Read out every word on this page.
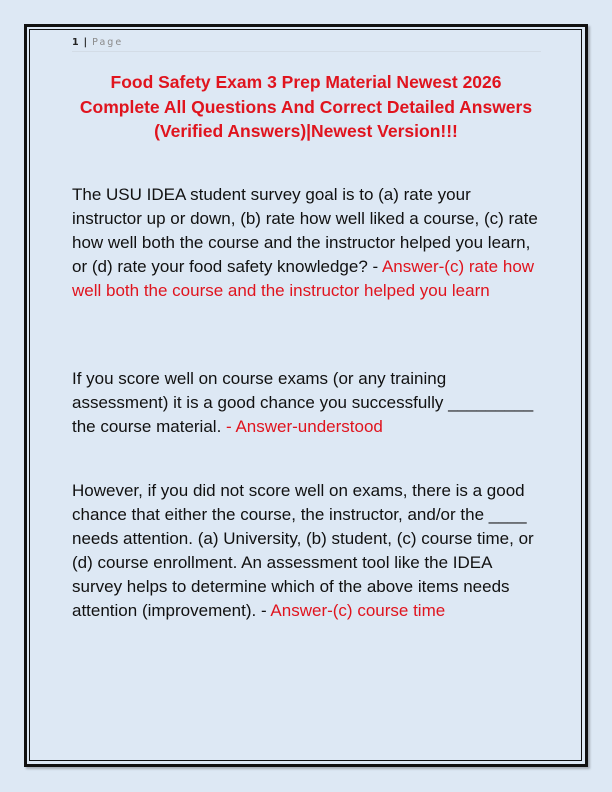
1 | Page
Food Safety Exam 3 Prep Material Newest 2026
Complete All Questions And Correct Detailed Answers
(Verified Answers)|Newest Version!!!
The USU IDEA student survey goal is to (a) rate your instructor up or down, (b) rate how well liked a course, (c) rate how well both the course and the instructor helped you learn, or (d) rate your food safety knowledge? - Answer-(c) rate how well both the course and the instructor helped you learn
If you score well on course exams (or any training assessment) it is a good chance you successfully _________ the course material. - Answer-understood
However, if you did not score well on exams, there is a good chance that either the course, the instructor, and/or the ____ needs attention. (a) University, (b) student, (c) course time, or (d) course enrollment. An assessment tool like the IDEA survey helps to determine which of the above items needs attention (improvement). - Answer-(c) course time
